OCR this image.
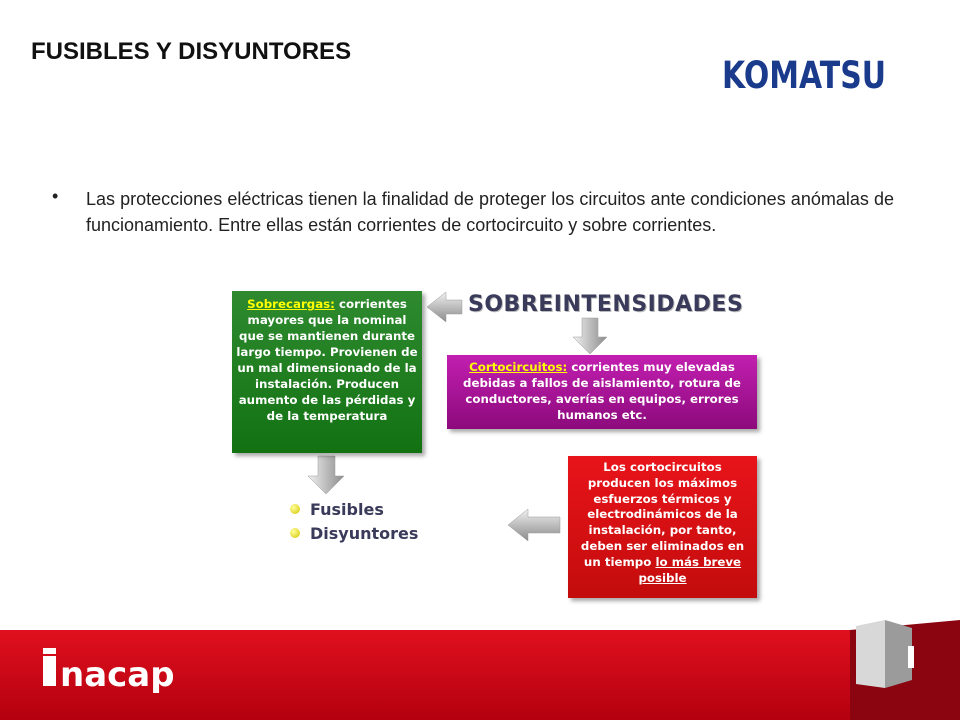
FUSIBLES Y DISYUNTORES
KOMATSU
• Las protecciones eléctricas tienen la finalidad de proteger los circuitos ante condiciones anómalas de funcionamiento. Entre ellas están corrientes de cortocircuito y sobre corrientes.

SOBREINTENSIDADES
Sobrecargas: corrientes mayores que la nominal que se mantienen durante largo tiempo. Provienen de un mal dimensionado de la instalación. Producen aumento de las pérdidas y de la temperatura
Cortocircuitos: corrientes muy elevadas debidas a fallos de aislamiento, rotura de conductores, averías en equipos, errores humanos etc.
Los cortocircuitos producen los máximos esfuerzos térmicos y electrodinámicos de la instalación, por tanto, deben ser eliminados en un tiempo lo más breve posible
Fusibles
Disyuntores
nacap
